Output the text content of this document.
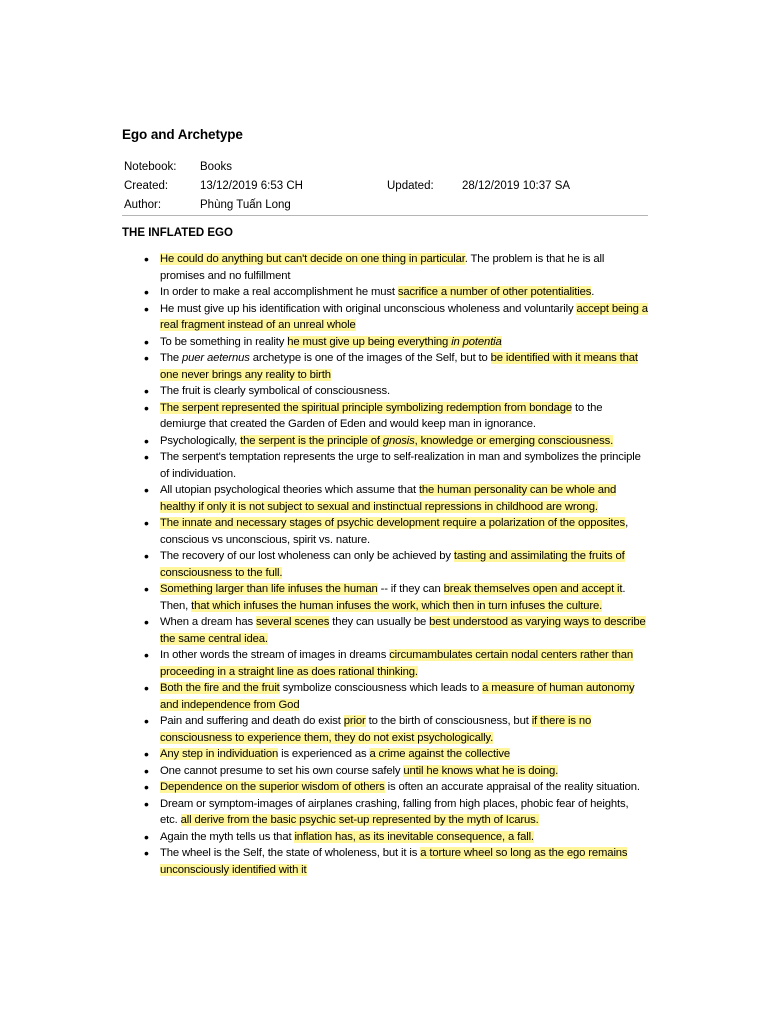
Ego and Archetype
Notebook:	Books
Created:	13/12/2019 6:53 CH	Updated:	28/12/2019 10:37 SA
Author:	Phùng Tuấn Long
THE INFLATED EGO
• He could do anything but can't decide on one thing in particular. The problem is that he is all promises and no fulfillment
• In order to make a real accomplishment he must sacrifice a number of other potentialities.
• He must give up his identification with original unconscious wholeness and voluntarily accept being a real fragment instead of an unreal whole
• To be something in reality he must give up being everything in potentia
• The puer aeternus archetype is one of the images of the Self, but to be identified with it means that one never brings any reality to birth
• The fruit is clearly symbolical of consciousness.
• The serpent represented the spiritual principle symbolizing redemption from bondage to the demiurge that created the Garden of Eden and would keep man in ignorance.
• Psychologically, the serpent is the principle of gnosis, knowledge or emerging consciousness.
• The serpent's temptation represents the urge to self-realization in man and symbolizes the principle of individuation.
• All utopian psychological theories which assume that the human personality can be whole and healthy if only it is not subject to sexual and instinctual repressions in childhood are wrong.
• The innate and necessary stages of psychic development require a polarization of the opposites, conscious vs unconscious, spirit vs. nature.
• The recovery of our lost wholeness can only be achieved by tasting and assimilating the fruits of consciousness to the full.
• Something larger than life infuses the human -- if they can break themselves open and accept it. Then, that which infuses the human infuses the work, which then in turn infuses the culture.
• When a dream has several scenes they can usually be best understood as varying ways to describe the same central idea.
• In other words the stream of images in dreams circumambulates certain nodal centers rather than proceeding in a straight line as does rational thinking.
• Both the fire and the fruit symbolize consciousness which leads to a measure of human autonomy and independence from God
• Pain and suffering and death do exist prior to the birth of consciousness, but if there is no consciousness to experience them, they do not exist psychologically.
• Any step in individuation is experienced as a crime against the collective
• One cannot presume to set his own course safely until he knows what he is doing.
• Dependence on the superior wisdom of others is often an accurate appraisal of the reality situation.
• Dream or symptom-images of airplanes crashing, falling from high places, phobic fear of heights, etc. all derive from the basic psychic set-up represented by the myth of Icarus.
• Again the myth tells us that inflation has, as its inevitable consequence, a fall.
• The wheel is the Self, the state of wholeness, but it is a torture wheel so long as the ego remains unconsciously identified with it
